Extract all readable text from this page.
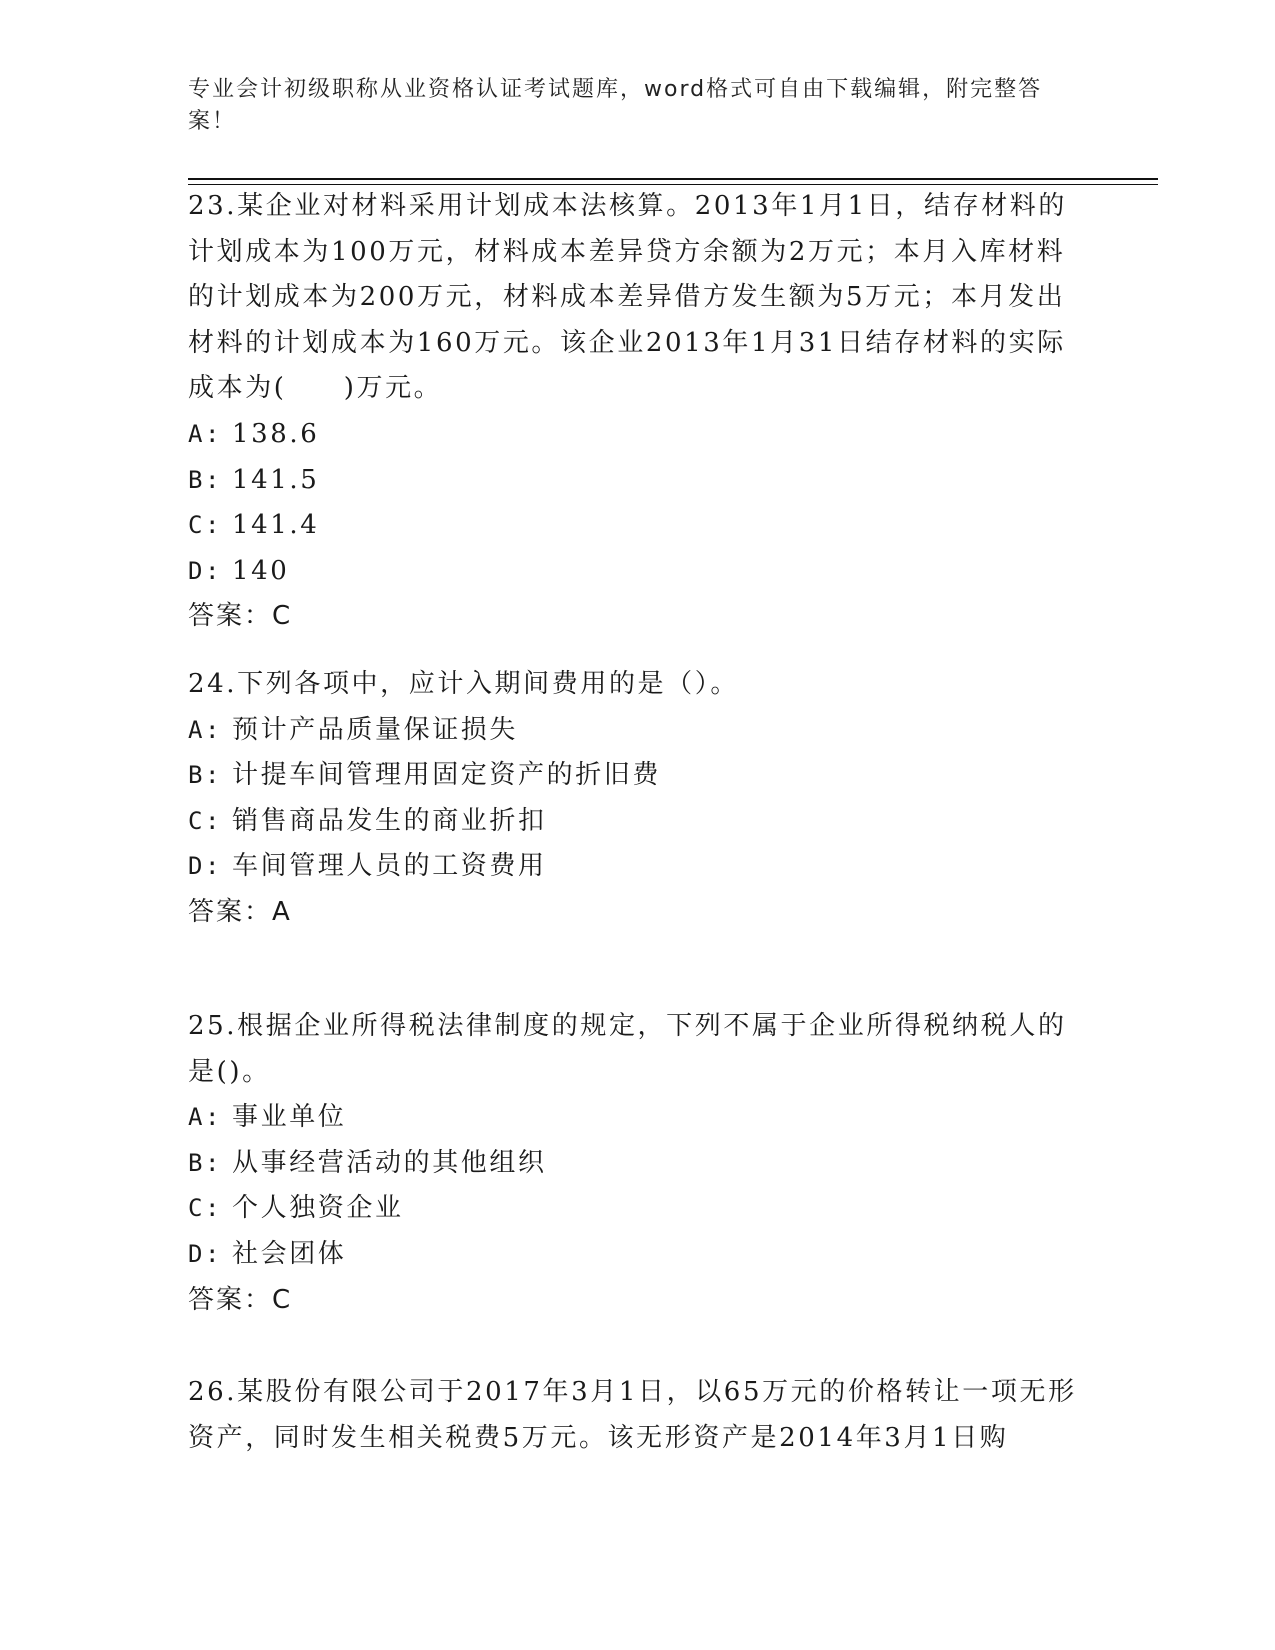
专业会计初级职称从业资格认证考试题库，word格式可自由下载编辑，附完整答案！

23.某企业对材料采用计划成本法核算。2013年1月1日，结存材料的计划成本为100万元，材料成本差异贷方余额为2万元；本月入库材料的计划成本为200万元，材料成本差异借方发生额为5万元；本月发出材料的计划成本为160万元。该企业2013年1月31日结存材料的实际成本为(　　)万元。

A: 138.6

B: 141.5

C: 141.4

D: 140

答案：C

24.下列各项中，应计入期间费用的是（）。

A: 预计产品质量保证损失

B: 计提车间管理用固定资产的折旧费

C: 销售商品发生的商业折扣

D: 车间管理人员的工资费用

答案：A

25.根据企业所得税法律制度的规定，下列不属于企业所得税纳税人的是()。

A: 事业单位

B: 从事经营活动的其他组织

C: 个人独资企业

D: 社会团体

答案：C

26.某股份有限公司于2017年3月1日，以65万元的价格转让一项无形资产，同时发生相关税费5万元。该无形资产是2014年3月1日购
